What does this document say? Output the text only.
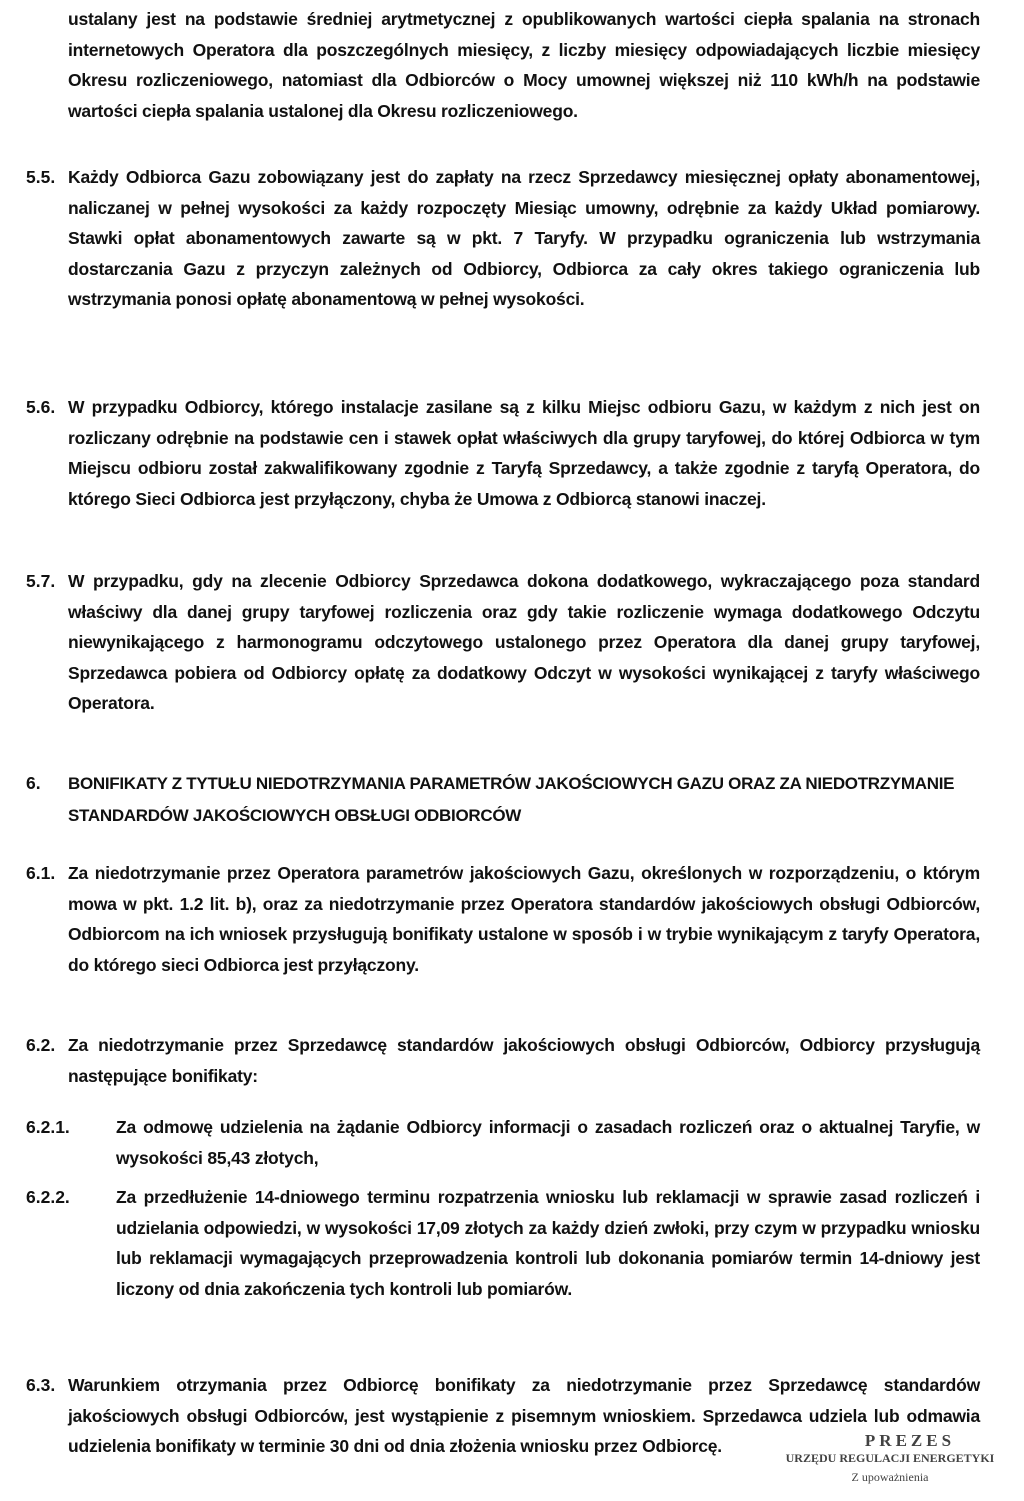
ustalany jest na podstawie średniej arytmetycznej z opublikowanych wartości ciepła spalania na stronach internetowych Operatora dla poszczególnych miesięcy, z liczby miesięcy odpowiadających liczbie miesięcy Okresu rozliczeniowego, natomiast dla Odbiorców o Mocy umownej większej niż 110 kWh/h na podstawie wartości ciepła spalania ustalonej dla Okresu rozliczeniowego.

5.5. Każdy Odbiorca Gazu zobowiązany jest do zapłaty na rzecz Sprzedawcy miesięcznej opłaty abonamentowej, naliczanej w pełnej wysokości za każdy rozpoczęty Miesiąc umowny, odrębnie za każdy Układ pomiarowy. Stawki opłat abonamentowych zawarte są w pkt. 7 Taryfy. W przypadku ograniczenia lub wstrzymania dostarczania Gazu z przyczyn zależnych od Odbiorcy, Odbiorca za cały okres takiego ograniczenia lub wstrzymania ponosi opłatę abonamentową w pełnej wysokości.

5.6. W przypadku Odbiorcy, którego instalacje zasilane są z kilku Miejsc odbioru Gazu, w każdym z nich jest on rozliczany odrębnie na podstawie cen i stawek opłat właściwych dla grupy taryfowej, do której Odbiorca w tym Miejscu odbioru został zakwalifikowany zgodnie z Taryfą Sprzedawcy, a także zgodnie z taryfą Operatora, do którego Sieci Odbiorca jest przyłączony, chyba że Umowa z Odbiorcą stanowi inaczej.

5.7. W przypadku, gdy na zlecenie Odbiorcy Sprzedawca dokona dodatkowego, wykraczającego poza standard właściwy dla danej grupy taryfowej rozliczenia oraz gdy takie rozliczenie wymaga dodatkowego Odczytu niewynikającego z harmonogramu odczytowego ustalonego przez Operatora dla danej grupy taryfowej, Sprzedawca pobiera od Odbiorcy opłatę za dodatkowy Odczyt w wysokości wynikającej z taryfy właściwego Operatora.

6. BONIFIKATY Z TYTUŁU NIEDOTRZYMANIA PARAMETRÓW JAKOŚCIOWYCH GAZU ORAZ ZA NIEDOTRZYMANIE STANDARDÓW JAKOŚCIOWYCH OBSŁUGI ODBIORCÓW
6.1. Za niedotrzymanie przez Operatora parametrów jakościowych Gazu, określonych w rozporządzeniu, o którym mowa w pkt. 1.2 lit. b), oraz za niedotrzymanie przez Operatora standardów jakościowych obsługi Odbiorców, Odbiorcom na ich wniosek przysługują bonifikaty ustalone w sposób i w trybie wynikającym z taryfy Operatora, do którego sieci Odbiorca jest przyłączony.

6.2. Za niedotrzymanie przez Sprzedawcę standardów jakościowych obsługi Odbiorców, Odbiorcy przysługują następujące bonifikaty:

6.2.1.	Za odmowę udzielenia na żądanie Odbiorcy informacji o zasadach rozliczeń oraz o aktualnej Taryfie, w wysokości 85,43 złotych,

6.2.2.	Za przedłużenie 14-dniowego terminu rozpatrzenia wniosku lub reklamacji w sprawie zasad rozliczeń i udzielania odpowiedzi, w wysokości 17,09 złotych za każdy dzień zwłoki, przy czym w przypadku wniosku lub reklamacji wymagających przeprowadzenia kontroli lub dokonania pomiarów termin 14-dniowy jest liczony od dnia zakończenia tych kontroli lub pomiarów.

6.3. Warunkiem otrzymania przez Odbiorcę bonifikaty za niedotrzymanie przez Sprzedawcę standardów jakościowych obsługi Odbiorców, jest wystąpienie z pisemnym wnioskiem. Sprzedawca udziela lub odmawia udzielenia bonifikaty w terminie 30 dni od dnia złożenia wniosku przez Odbiorcę.	PREZES
URZĘDU REGULACJI ENERGETYKI
Z upoważnienia
